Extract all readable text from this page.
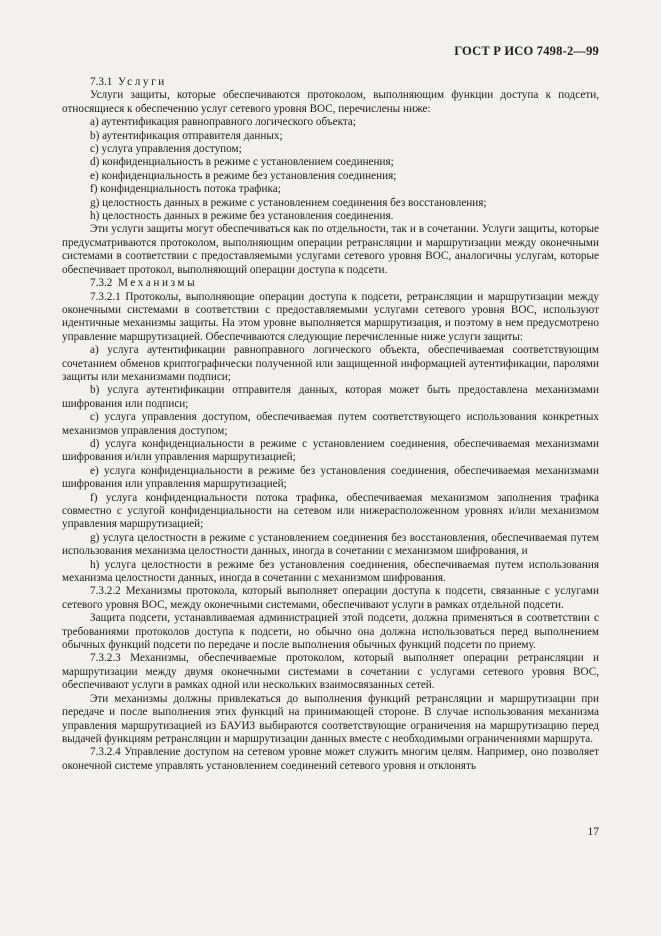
ГОСТ Р ИСО 7498-2—99

7.3.1 Услуги

Услуги защиты, которые обеспечиваются протоколом, выполняющим функции доступа к подсети, относящиеся к обеспечению услуг сетевого уровня ВОС, перечислены ниже:

a) аутентификация равноправного логического объекта;

b) аутентификация отправителя данных;

c) услуга управления доступом;

d) конфиденциальность в режиме с установлением соединения;

e) конфиденциальность в режиме без установления соединения;

f) конфиденциальность потока трафика;

g) целостность данных в режиме с установлением соединения без восстановления;

h) целостность данных в режиме без установления соединения.

Эти услуги защиты могут обеспечиваться как по отдельности, так и в сочетании. Услуги защиты, которые предусматриваются протоколом, выполняющим операции ретрансляции и маршрутизации между оконечными системами в соответствии с предоставляемыми услугами сетевого уровня ВОС, аналогичны услугам, которые обеспечивает протокол, выполняющий операции доступа к подсети.

7.3.2 Механизмы

7.3.2.1 Протоколы, выполняющие операции доступа к подсети, ретрансляции и маршрутизации между оконечными системами в соответствии с предоставляемыми услугами сетевого уровня ВОС, используют идентичные механизмы защиты. На этом уровне выполняется маршрутизация, и поэтому в нем предусмотрено управление маршрутизацией. Обеспечиваются следующие перечисленные ниже услуги защиты:

a) услуга аутентификации равноправного логического объекта, обеспечиваемая соответствующим сочетанием обменов криптографически полученной или защищенной информацией аутентификации, паролями защиты или механизмами подписи;

b) услуга аутентификации отправителя данных, которая может быть предоставлена механизмами шифрования или подписи;

c) услуга управления доступом, обеспечиваемая путем соответствующего использования конкретных механизмов управления доступом;

d) услуга конфиденциальности в режиме с установлением соединения, обеспечиваемая механизмами шифрования и/или управления маршрутизацией;

e) услуга конфиденциальности в режиме без установления соединения, обеспечиваемая механизмами шифрования или управления маршрутизацией;

f) услуга конфиденциальности потока трафика, обеспечиваемая механизмом заполнения трафика совместно с услугой конфиденциальности на сетевом или нижерасположенном уровнях и/или механизмом управления маршрутизацией;

g) услуга целостности в режиме с установлением соединения без восстановления, обеспечиваемая путем использования механизма целостности данных, иногда в сочетании с механизмом шифрования, и

h) услуга целостности в режиме без установления соединения, обеспечиваемая путем использования механизма целостности данных, иногда в сочетании с механизмом шифрования.

7.3.2.2 Механизмы протокола, который выполняет операции доступа к подсети, связанные с услугами сетевого уровня ВОС, между оконечными системами, обеспечивают услуги в рамках отдельной подсети.

Защита подсети, устанавливаемая администрацией этой подсети, должна применяться в соответствии с требованиями протоколов доступа к подсети, но обычно она должна использоваться перед выполнением обычных функций подсети по передаче и после выполнения обычных функций подсети по приему.

7.3.2.3 Механизмы, обеспечиваемые протоколом, который выполняет операции ретрансляции и маршрутизации между двумя оконечными системами в сочетании с услугами сетевого уровня ВОС, обеспечивают услуги в рамках одной или нескольких взаимосвязанных сетей.

Эти механизмы должны привлекаться до выполнения функций ретрансляции и маршрутизации при передаче и после выполнения этих функций на принимающей стороне. В случае использования механизма управления маршрутизацией из БАУИЗ выбираются соответствующие ограничения на маршрутизацию перед выдачей функциям ретрансляции и маршрутизации данных вместе с необходимыми ограничениями маршрута.

7.3.2.4 Управление доступом на сетевом уровне может служить многим целям. Например, оно позволяет оконечной системе управлять установлением соединений сетевого уровня и отклонять

17
